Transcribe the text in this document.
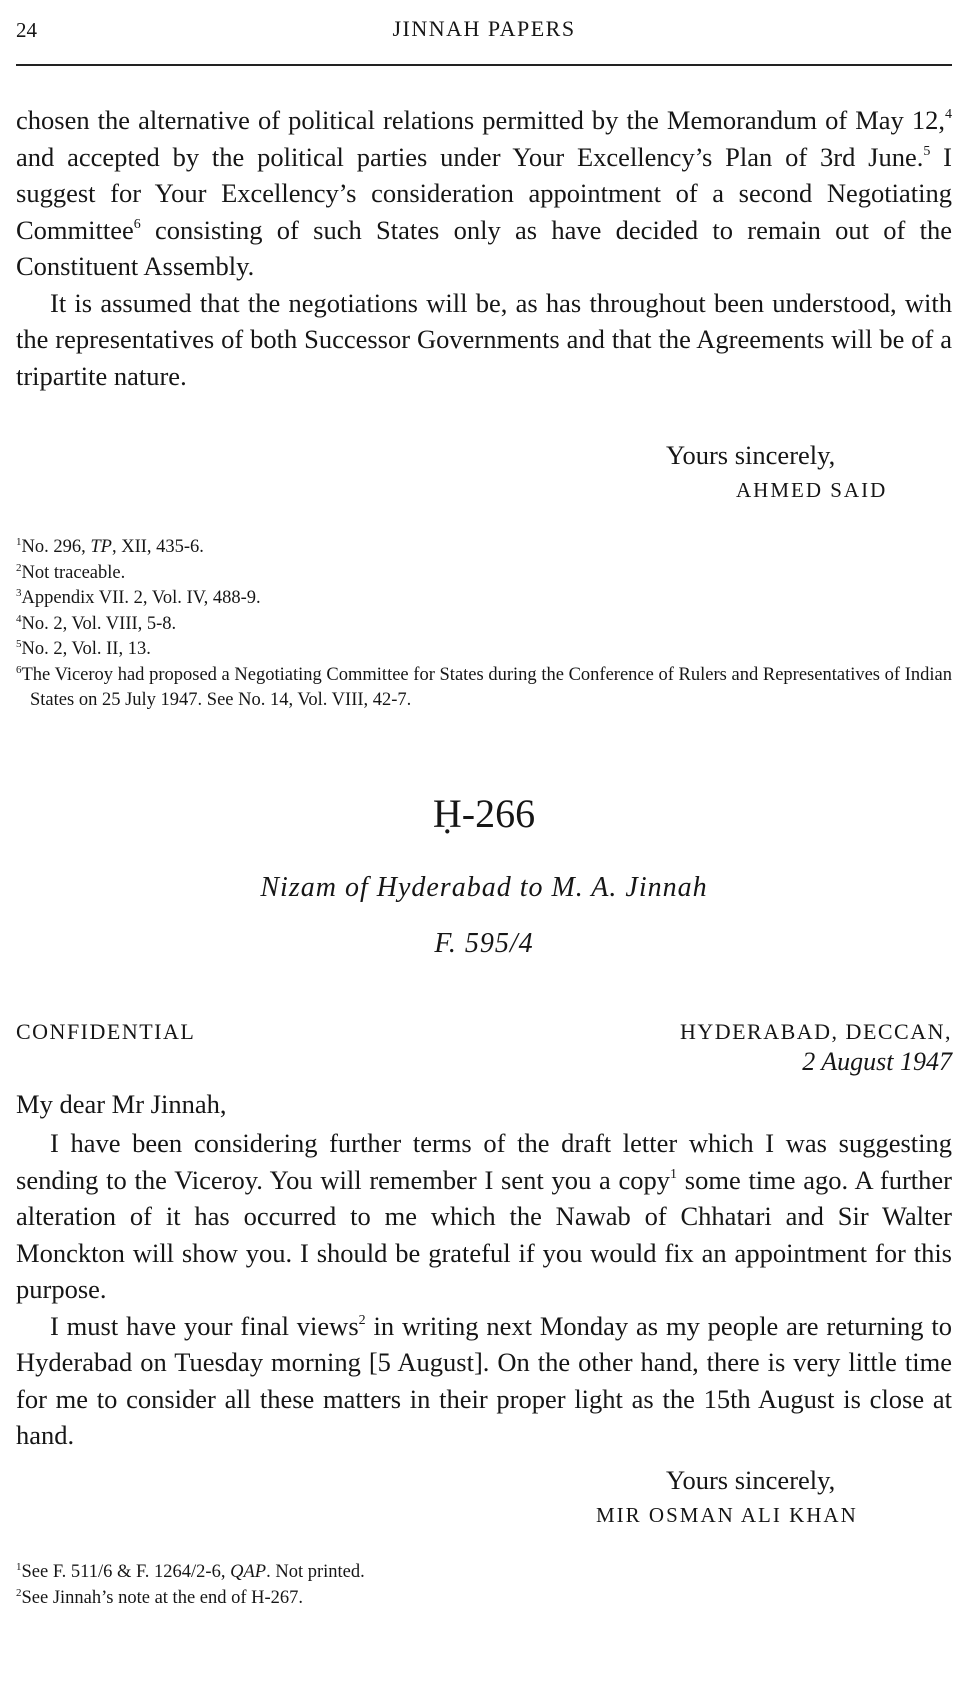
24	JINNAH PAPERS

chosen the alternative of political relations permitted by the Memorandum of May 12,$^4$ and accepted by the political parties under Your Excellency’s Plan of 3rd June.$^5$ I suggest for Your Excellency’s consideration appointment of a second Negotiating Committee$^6$ consisting of such States only as have decided to remain out of the Constituent Assembly.

It is assumed that the negotiations will be, as has throughout been understood, with the representatives of both Successor Governments and that the Agreements will be of a tripartite nature.

Yours sincerely,
AHMED SAID
$^1$No. 296, TP, XII, 435-6.
$^2$Not traceable.
$^3$Appendix VII. 2, Vol. IV, 488-9.
$^4$No. 2, Vol. VIII, 5-8.
$^5$No. 2, Vol. II, 13.
$^6$The Viceroy had proposed a Negotiating Committee for States during the Conference of Rulers and Representatives of Indian States on 25 July 1947. See No. 14, Vol. VIII, 42-7.
Ḥ-266
Nizam of Hyderabad to M. A. Jinnah
F. 595/4
CONFIDENTIAL	HYDERABAD, DECCAN,
2 August 1947
My dear Mr Jinnah,

I have been considering further terms of the draft letter which I was suggesting sending to the Viceroy. You will remember I sent you a copy$^1$ some time ago. A further alteration of it has occurred to me which the Nawab of Chhatari and Sir Walter Monckton will show you. I should be grateful if you would fix an appointment for this purpose.

I must have your final views$^2$ in writing next Monday as my people are returning to Hyderabad on Tuesday morning [5 August]. On the other hand, there is very little time for me to consider all these matters in their proper light as the 15th August is close at hand.

Yours sincerely,
MIR OSMAN ALI KHAN
$^1$See F. 511/6 & F. 1264/2-6, QAP. Not printed.
$^2$See Jinnah’s note at the end of H-267.
